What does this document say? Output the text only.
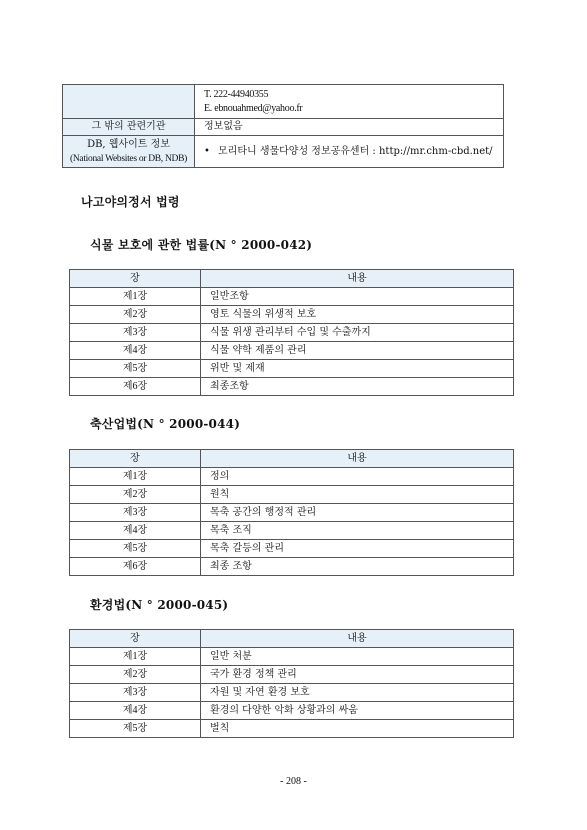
	T. 222-44940355
E. ebnouahmed@yahoo.fr

그 밖의 관련기관	정보없음

DB, 웹사이트 정보
(National Websites or DB, NDB)	• 모리타니 생물다양성 정보공유센터 : http://mr.chm-cbd.net/
나고야의정서 법령
식물 보호에 관한 법률(N ° 2000-042)
장	내용
제1장	일반조항
제2장	영토 식물의 위생적 보호
제3장	식물 위생 관리부터 수입 및 수출까지
제4장	식물 약학 제품의 관리
제5장	위반 및 제재
제6장	최종조항
축산업법(N ° 2000-044)
장	내용
제1장	정의
제2장	원칙
제3장	목축 공간의 행정적 관리
제4장	목축 조직
제5장	목축 갈등의 관리
제6장	최종 조항
환경법(N ° 2000-045)
장	내용
제1장	일반 처분
제2장	국가 환경 정책 관리
제3장	자원 및 자연 환경 보호
제4장	환경의 다양한 악화 상황과의 싸움
제5장	벌칙
- 208 -
